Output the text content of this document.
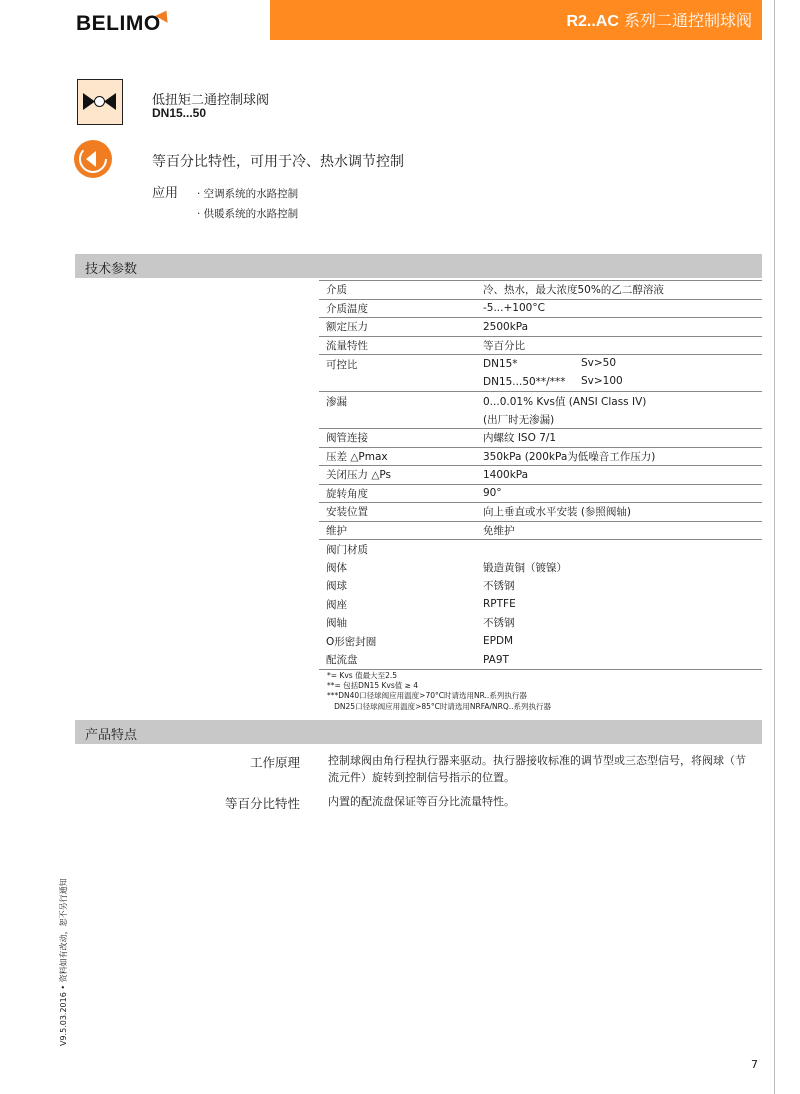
BELIMO	R2..AC 系列二通控制球阀
低扭矩二通控制球阀
DN15...50
等百分比特性，可用于冷、热水调节控制
应用 · 空调系统的水路控制
· 供暖系统的水路控制
技术参数
介质	冷、热水，最大浓度50%的乙二醇溶液
介质温度	-5...+100°C
额定压力	2500kPa
流量特性	等百分比
可控比	DN15* Sv>50

	DN15...50**/*** Sv>100

渗漏	0...0.01% Kvs值 (ANSI Class IV)
	(出厂时无渗漏)
阀管连接	内螺纹 ISO 7/1
压差 △Pmax	350kPa (200kPa为低噪音工作压力)
关闭压力 △Ps	1400kPa
旋转角度	90°
安装位置	向上垂直或水平安装 (参照阀轴)
维护	免维护
阀门材质	
阀体	锻造黄铜（镀镍）
阀球	不锈钢
阀座	RPTFE
阀轴	不锈钢
O形密封圈	EPDM
配流盘	PA9T
*= Kvs 值最大至2.5
**= 包括DN15 Kvs值 ≥ 4
***DN40口径球阀应用温度>70°C时请选用NR..系列执行器
DN25口径球阀应用温度>85°C时请选用NRFA/NRQ..系列执行器
产品特点
工作原理	控制球阀由角行程执行器来驱动。执行器接收标准的调节型或三态型信号，将阀球（节流元件）旋转到控制信号指示的位置。
等百分比特性	内置的配流盘保证等百分比流量特性。
V9.5.03.2016 • 资料如有改动，恕不另行通知
7
